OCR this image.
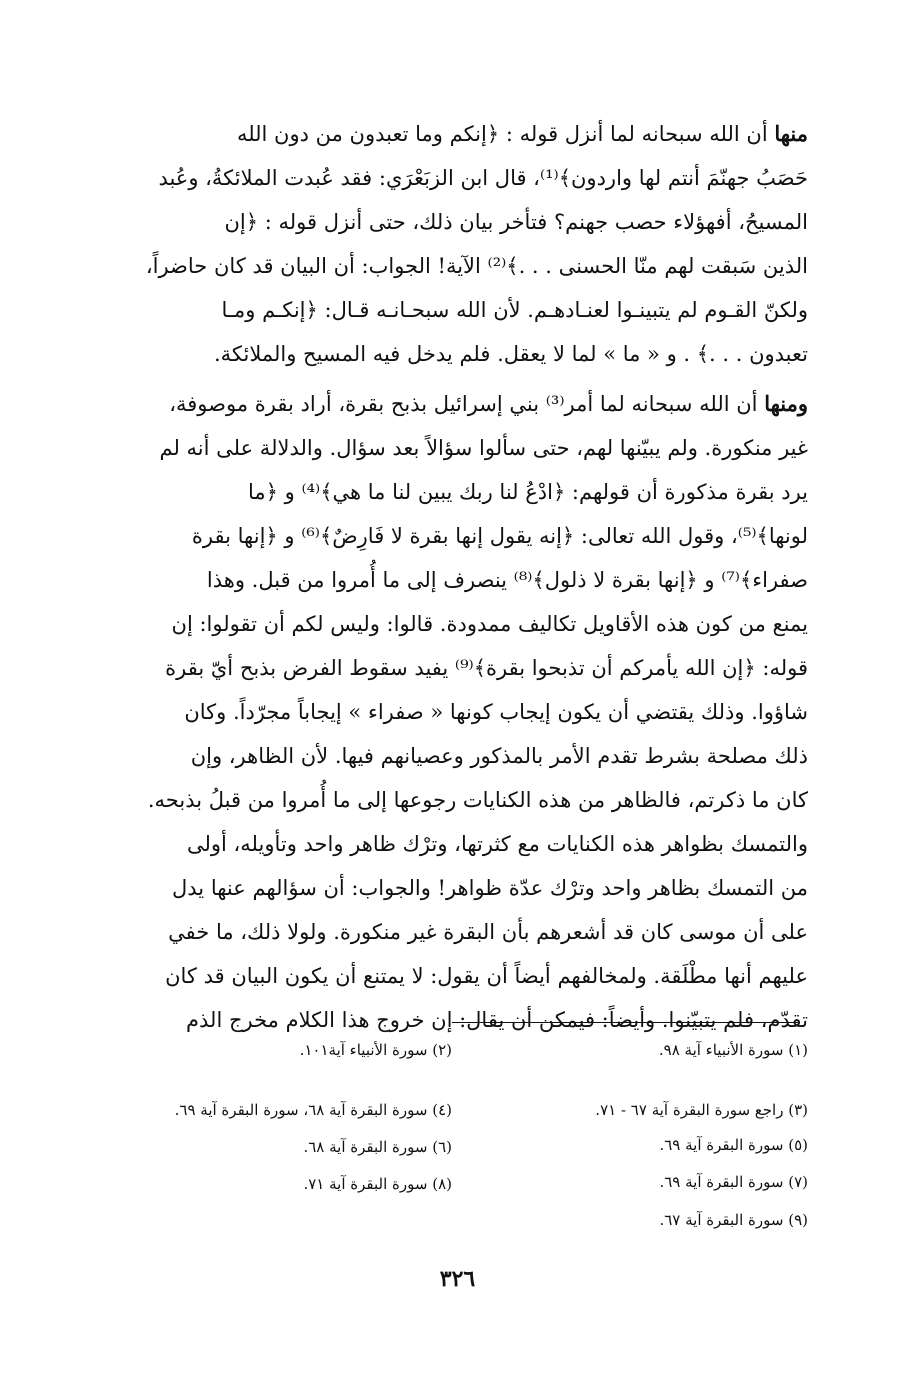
منها أن الله سبحانه لما أنزل قوله : ﴿إنكم وما تعبدون من دون الله
حَصَبُ جهنّمَ أنتم لها واردون﴾⁽¹⁾، قال ابن الزبَعْرَي: فقد عُبدت الملائكةُ، وعُبد
المسيحُ، أفهؤلاء حصب جهنم؟ فتأخر بيان ذلك، حتى أنزل قوله : ﴿إن
الذين سَبقت لهم منّا الحسنى . . .﴾⁽²⁾ الآية! الجواب: أن البيان قد كان حاضراً،
ولكنّ القـوم لم يتبينـوا لعنـادهـم. لأن الله سبحـانـه قـال: ﴿إنكـم ومـا
تعبدون . . .﴾ . و « ما » لما لا يعقل. فلم يدخل فيه المسيح والملائكة.
ومنها أن الله سبحانه لما أمر⁽³⁾ بني إسرائيل بذبح بقرة، أراد بقرة موصوفة،
غير منكورة. ولم يبيّنها لهم، حتى سألوا سؤالاً بعد سؤال. والدلالة على أنه لم
يرد بقرة مذكورة أن قولهم: ﴿ادْعُ لنا ربك يبين لنا ما هي﴾⁽⁴⁾ و ﴿ما
لونها﴾⁽⁵⁾، وقول الله تعالى: ﴿إنه يقول إنها بقرة لا فَارِضٌ﴾⁽⁶⁾ و ﴿إنها بقرة
صفراء﴾⁽⁷⁾ و ﴿إنها بقرة لا ذلول﴾⁽⁸⁾ ينصرف إلى ما أُمروا من قبل. وهذا
يمنع من كون هذه الأقاويل تكاليف ممدودة. قالوا: وليس لكم أن تقولوا: إن
قوله: ﴿إن الله يأمركم أن تذبحوا بقرة﴾⁽⁹⁾ يفيد سقوط الفرض بذبح أيّ بقرة
شاؤوا. وذلك يقتضي أن يكون إيجاب كونها « صفراء » إيجاباً مجرّداً. وكان
ذلك مصلحة بشرط تقدم الأمر بالمذكور وعصيانهم فيها. لأن الظاهر، وإن
كان ما ذكرتم، فالظاهر من هذه الكنايات رجوعها إلى ما أُمروا من قبلُ بذبحه.
والتمسك بظواهر هذه الكنايات مع كثرتها، وترْك ظاهر واحد وتأويله، أولى
من التمسك بظاهر واحد وترْك عدّة ظواهر! والجواب: أن سؤالهم عنها يدل
على أن موسى كان قد أشعرهم بأن البقرة غير منكورة. ولولا ذلك، ما خفي
عليهم أنها مطْلَقة. ولمخالفهم أيضاً أن يقول: لا يمتنع أن يكون البيان قد كان
تقدّم، فلم يتبيّنوا. وأيضاً: فيمكن أن يقال: إن خروج هذا الكلام مخرج الذم
(١) سورة الأنبياء آية ٩٨.
(٢) سورة الأنبياء آية١٠١.
(٣) راجع سورة البقرة آية ٦٧ - ٧١.
(٤) سورة البقرة آية ٦٨، سورة البقرة آية ٦٩.
(٥) سورة البقرة آية ٦٩.
(٦) سورة البقرة آية ٦٨.
(٧) سورة البقرة آية ٦٩.
(٨) سورة البقرة آية ٧١.
(٩) سورة البقرة آية ٦٧.
٣٢٦
